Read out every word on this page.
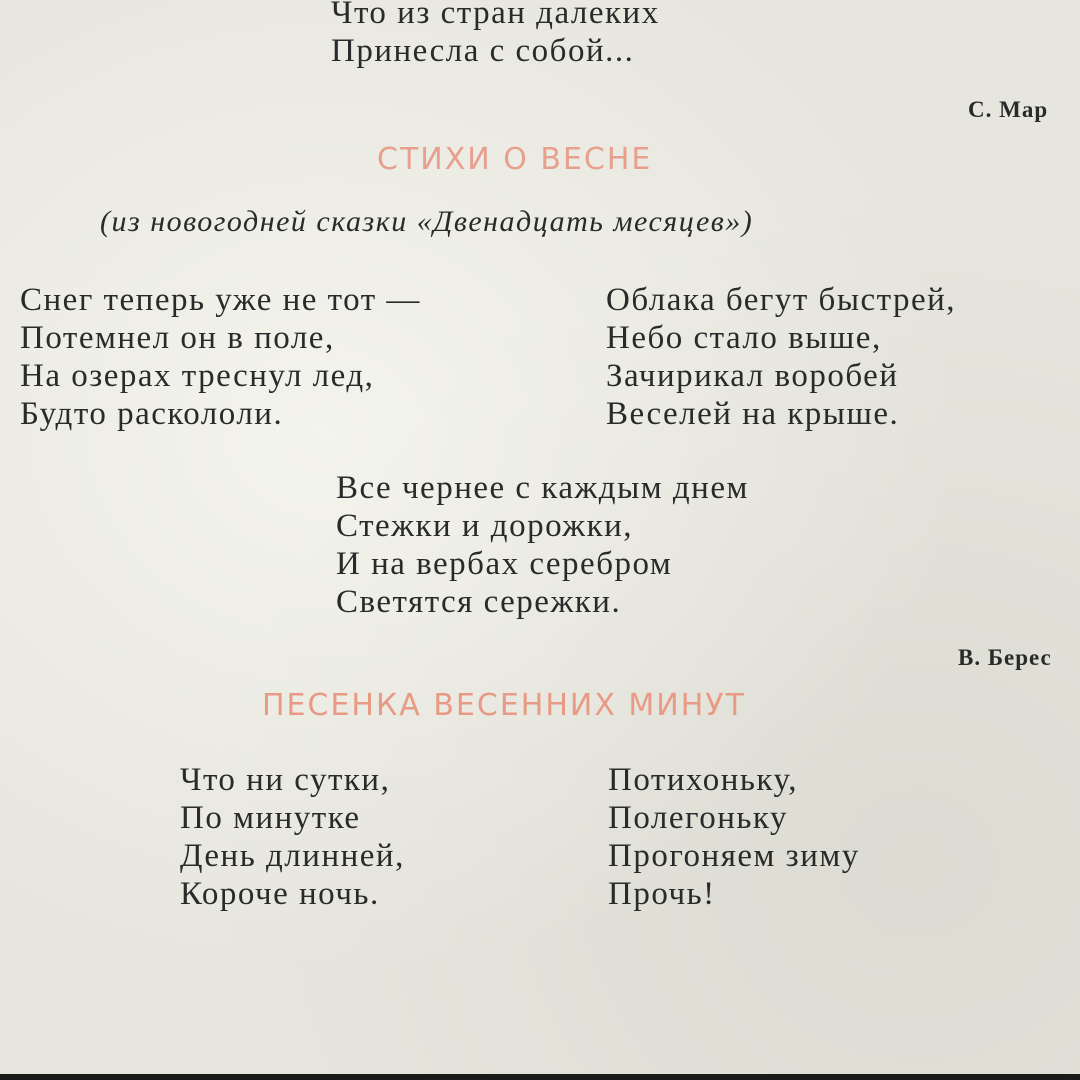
Что из стран далеких
Принесла с собой...
С. Мар
СТИХИ О ВЕСНЕ
(из новогодней сказки «Двенадцать месяцев»)
Снег теперь уже не тот —
Потемнел он в поле,
На озерах треснул лед,
Будто раскололи.
Облака бегут быстрей,
Небо стало выше,
Зачирикал воробей
Веселей на крыше.
Все чернее с каждым днем
Стежки и дорожки,
И на вербах серебром
Светятся сережки.
В. Берес
ПЕСЕНКА ВЕСЕННИХ МИНУТ
Что ни сутки,
По минутке
День длинней,
Короче ночь.
Потихоньку,
Полегоньку
Прогоняем зиму
Прочь!
